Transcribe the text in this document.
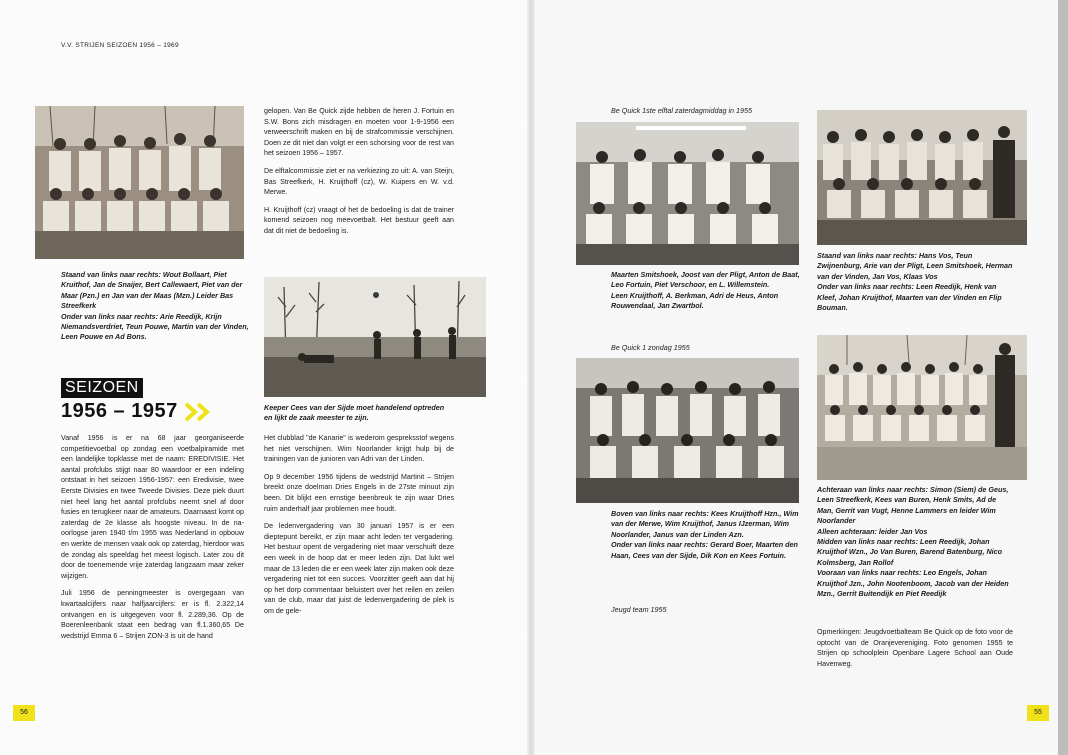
V.V. STRIJEN SEIZOEN 1956 – 1969

Staand van links naar rechts: Wout Bollaart, Piet Kruithof, Jan de Snaijer, Bert Callewaert, Piet van der Maar (Pzn.) en Jan van der Maas (Mzn.) Leider Bas Streefkerk
Onder van links naar rechts: Arie Reedijk, Krijn Niemandsverdriet, Teun Pouwe, Martin van der Vinden, Leen Pouwe en Ad Bons.

SEIZOEN
1956 – 1957

Vanaf 1956 is er na 68 jaar georganiseerde competitievoetbal op zondag een voetbalpiramide met een landelijke topklasse met de naam: EREDIVISIE. Het aantal profclubs stijgt naar 80 waardoor er een indeling ontstaat in het seizoen 1956-1957: een Eredivisie, twee Eerste Divisies en twee Tweede Divisies. Deze piek duurt niet heel lang het aantal profclubs neemt snel af door fusies en terugkeer naar de amateurs. Daarnaast komt op zaterdag de 2e klasse als hoogste niveau. In de na-oorlogse jaren 1940 t/m 1955 was Nederland in opbouw en werkte de mensen vaak ook op zaterdag, hierdoor was de zondag als speeldag het meest logisch. Later zou dit door de toenemende vrije zaterdag langzaam maar zeker wijzigen.

Juli 1956 de penningmeester is overgegaan van kwartaalcijfers naar halfjaarcijfers: er is fl. 2.322,14 ontvangen en is uitgegeven voor fl. 2.289,36. Op de Boerenleenbank staat een bedrag van fl.1.360,65 De wedstrijd Emma 6 – Strijen ZON-3 is uit de hand

gelopen. Van Be Quick zijde hebben de heren J. Fortuin en S.W. Bons zich misdragen en moeten voor 1-9-1956 een verweerschrift maken en bij de strafcommissie verschijnen. Doen ze dit niet dan volgt er een schorsing voor de rest van het seizoen 1956 – 1957.

De elftalcommissie ziet er na verkiezing zo uit: A. van Steijn, Bas Streefkerk, H. Kruijthoff (cz), W. Kuipers en W. v.d. Merwe.

H. Kruijthoff (cz) vraagt of het de bedoeling is dat de trainer komend seizoen nog meevoetbalt. Het bestuur geeft aan dat dit niet de bedoeling is.

Keeper Cees van der Sijde moet handelend optreden en lijkt de zaak meester te zijn.

Het clubblad "de Kanarie" is wederom gespreksstof wegens het niet verschijnen. Wim Noorlander krijgt hulp bij de trainingen van de junioren van Adri van der Linden.

Op 9 december 1956 tijdens de wedstrijd Martinit – Strijen breekt onze doelman Dries Engels in de 27ste minuut zijn been. Dit blijkt een ernstige beenbreuk te zijn waar Dries ruim anderhalf jaar problemen mee houdt.

De ledenvergadering van 30 januari 1957 is er een dieptepunt bereikt, er zijn maar acht leden ter vergadering. Het bestuur opent de vergadering niet maar verschuift deze een week in de hoop dat er meer leden zijn. Dat lukt wel maar de 13 leden die er een week later zijn maken ook deze vergadering niet tot een succes. Voorzitter geeft aan dat hij op het dorp commentaar beluistert over het reilen en zeilen van de club, maar dat juist de ledenvergadering de plek is om de gele-

56

Be Quick 1ste elftal zaterdagmiddag in 1955

Maarten Smitshoek, Joost van der Pligt, Anton de Baat, Leo Fortuin, Piet Verschoor, en L. Willemstein.
Leen Kruijthoff, A. Berkman, Adri de Heus, Anton Rouwendaal, Jan Zwartbol.

Be Quick 1 zondag 1955

Boven van links naar rechts: Kees Kruijthoff Hzn., Wim van der Merwe, Wim Kruijthof, Janus IJzerman, Wim Noorlander, Janus van der Linden Azn.
Onder van links naar rechts: Gerard Boer, Maarten den Haan, Cees van der Sijde, Dik Kon en Kees Fortuin.

Jeugd team 1955

Staand van links naar rechts: Hans Vos, Teun Zwijnenburg, Arie van der Pligt, Leen Smitshoek, Herman van der Vinden, Jan Vos, Klaas Vos
Onder van links naar rechts: Leen Reedijk, Henk van Kleef, Johan Kruijthof, Maarten van der Vinden en Flip Bouman.

Achteraan van links naar rechts: Simon (Siem) de Geus, Leen Streefkerk, Kees van Buren, Henk Smits, Ad de Man, Gerrit van Vugt, Henne Lammers en leider Wim Noorlander
Alleen achteraan: leider Jan Vos
Midden van links naar rechts: Leen Reedijk, Johan Kruijthof Wzn., Jo Van Buren, Barend Batenburg, Nico Kolmsberg, Jan Rollof
Vooraan van links naar rechts: Leo Engels, Johan Kruijthof Jzn., John Nootenboom, Jacob van der Heiden Mzn., Gerrit Buitendijk en Piet Reedijk

Opmerkingen: Jeugdvoetbalteam Be Quick op de foto voor de optocht van de Oranjevereniging. Foto genomen 1955 te Strijen op schoolplein Openbare Lagere School aan Oude Havenweg.

55
